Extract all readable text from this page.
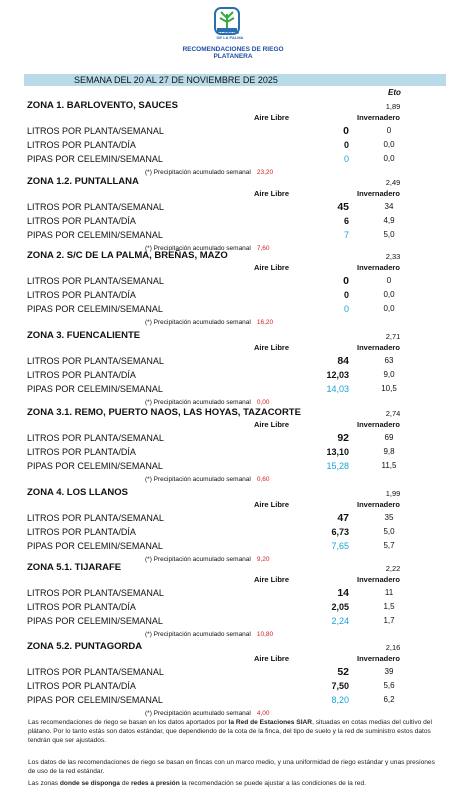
CABILDO
DE LA PALMA
RECOMENDACIONES DE RIEGO
PLATANERA
SEMANA DEL 20 AL 27 DE NOVIEMBRE DE 2025
Eto
ZONA 1. BARLOVENTO, SAUCES	1,89
Aire Libre	Invernadero
LITROS POR PLANTA/SEMANAL	0	0
LITROS POR PLANTA/DÍA	0	0,0
PIPAS POR CELEMIN/SEMANAL	0	0,0
(*) Precipitación acumulado semanal 23,20
ZONA 1.2. PUNTALLANA	2,49
Aire Libre	Invernadero
LITROS POR PLANTA/SEMANAL	45	34
LITROS POR PLANTA/DÍA	6	4,9
PIPAS POR CELEMIN/SEMANAL	7	5,0
(*) Precipitación acumulado semanal 7,60
ZONA 2. S/C DE LA PALMA, BREÑAS, MAZO	2,33
Aire Libre	Invernadero
LITROS POR PLANTA/SEMANAL	0	0
LITROS POR PLANTA/DÍA	0	0,0
PIPAS POR CELEMIN/SEMANAL	0	0,0
(*) Precipitación acumulado semanal 16,20
ZONA 3. FUENCALIENTE	2,71
Aire Libre	Invernadero
LITROS POR PLANTA/SEMANAL	84	63
LITROS POR PLANTA/DÍA	12,03	9,0
PIPAS POR CELEMIN/SEMANAL	14,03	10,5
(*) Precipitación acumulado semanal 0,00
ZONA 3.1. REMO, PUERTO NAOS, LAS HOYAS, TAZACORTE	2,74
Aire Libre	Invernadero
LITROS POR PLANTA/SEMANAL	92	69
LITROS POR PLANTA/DÍA	13,10	9,8
PIPAS POR CELEMIN/SEMANAL	15,28	11,5
(*) Precipitación acumulado semanal 0,60
ZONA 4. LOS LLANOS	1,99
Aire Libre	Invernadero
LITROS POR PLANTA/SEMANAL	47	35
LITROS POR PLANTA/DÍA	6,73	5,0
PIPAS POR CELEMIN/SEMANAL	7,65	5,7
(*) Precipitación acumulado semanal 9,20
ZONA 5.1. TIJARAFE	2,22
Aire Libre	Invernadero
LITROS POR PLANTA/SEMANAL	14	11
LITROS POR PLANTA/DÍA	2,05	1,5
PIPAS POR CELEMIN/SEMANAL	2,24	1,7
(*) Precipitación acumulado semanal 10,80
ZONA 5.2. PUNTAGORDA	2,16
Aire Libre	Invernadero
LITROS POR PLANTA/SEMANAL	52	39
LITROS POR PLANTA/DÍA	7,50	5,6
PIPAS POR CELEMIN/SEMANAL	8,20	6,2
(*) Precipitación acumulado semanal 4,00
Las recomendaciones de riego se basan en los datos aportados por la Red de Estaciones SIAR, situadas en cotas medias del cultivo del plátano. Por lo tanto estás son datos estándar, que dependiendo de la cota de la finca, del tipo de suelo y la red de suministro estos datos tendrán que ser ajustados.
Los datos de las recomendaciones de riego se basan en fincas con un marco medio, y una uniformidad de riego estándar y unas presiones de uso de la red estándar.
Las zonas donde se disponga de redes a presión la recomendación se puede ajustar a las condiciones de la red.
